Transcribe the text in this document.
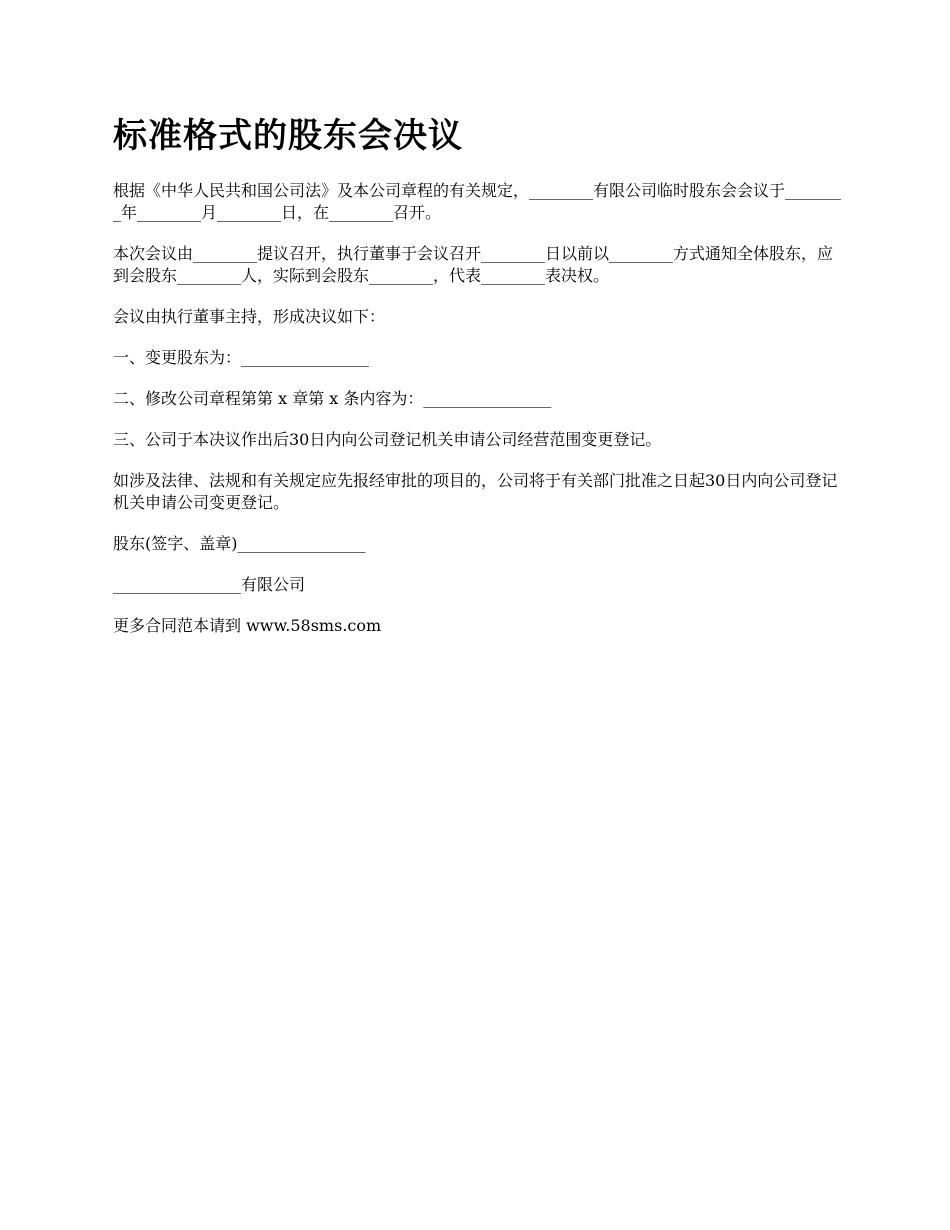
标准格式的股东会决议

根据《中华人民共和国公司法》及本公司章程的有关规定，________有限公司临时股东会会议于________年________月________日，在________召开。

本次会议由________提议召开，执行董事于会议召开________日以前以________方式通知全体股东，应到会股东________人，实际到会股东________，代表________表决权。

会议由执行董事主持，形成决议如下：

一、变更股东为：________________

二、修改公司章程第第 x 章第 x 条内容为：________________

三、公司于本决议作出后30日内向公司登记机关申请公司经营范围变更登记。

如涉及法律、法规和有关规定应先报经审批的项目的，公司将于有关部门批准之日起30日内向公司登记机关申请公司变更登记。

股东(签字、盖章)________________

________________有限公司

更多合同范本请到 www.58sms.com
